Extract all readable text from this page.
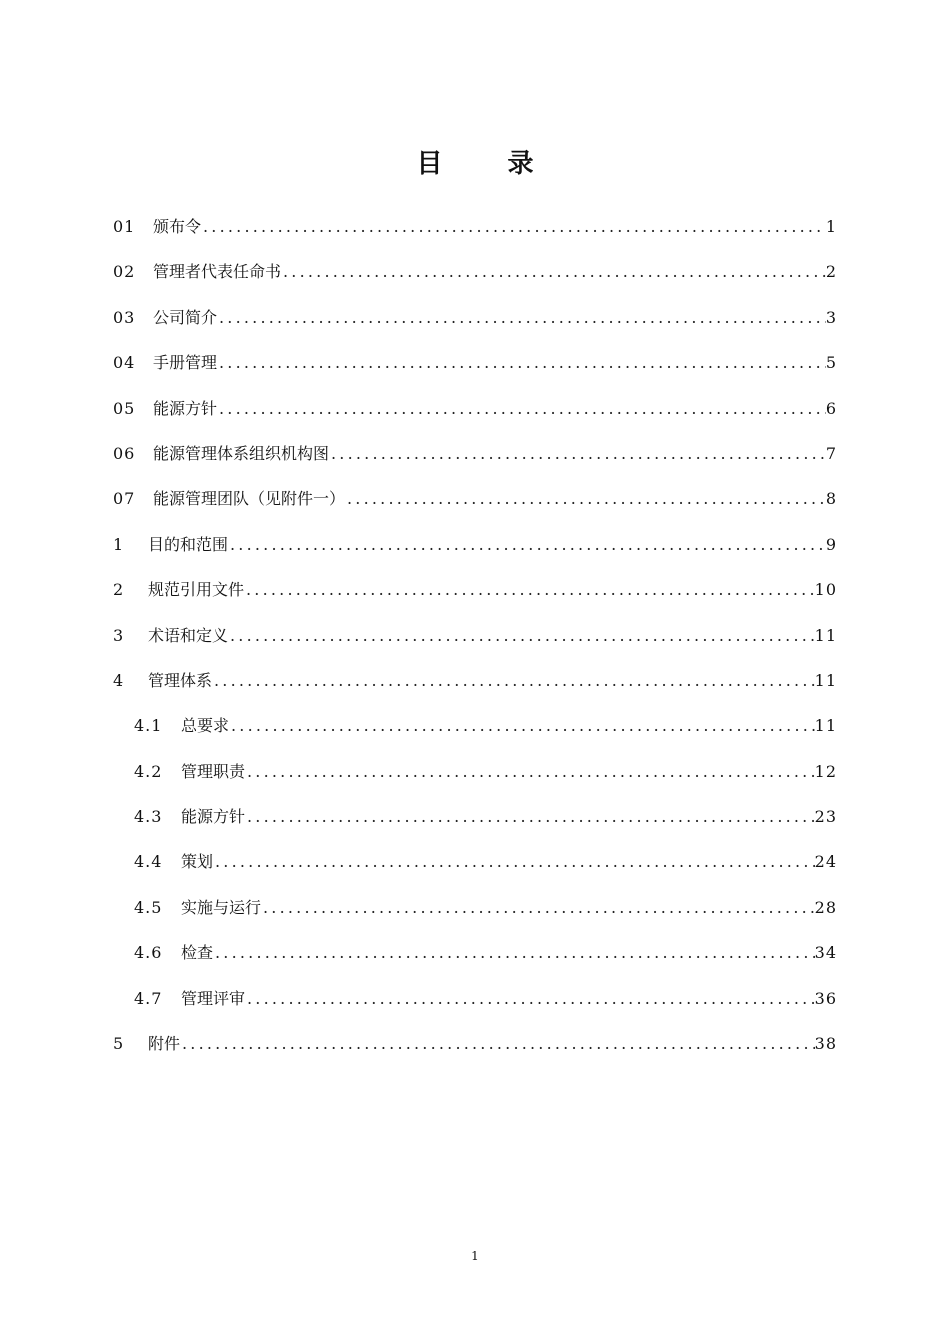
目 录
01	颁布令 .....	1
02	管理者代表任命书 .....	2
03	公司简介 .....	3
04	手册管理 .....	5
05	能源方针 .....	6
06	能源管理体系组织机构图 .....	7
07	能源管理团队（见附件一） .....	8
1	目的和范围 .....	9
2	规范引用文件 .....	10
3	术语和定义 .....	11
4	管理体系 .....	11
4.1	总要求 .....	11
4.2	管理职责 .....	12
4.3	能源方针 .....	23
4.4	策划 .....	24
4.5	实施与运行 .....	28
4.6	检查 .....	34
4.7	管理评审 .....	36
5	附件 .....	38
1
